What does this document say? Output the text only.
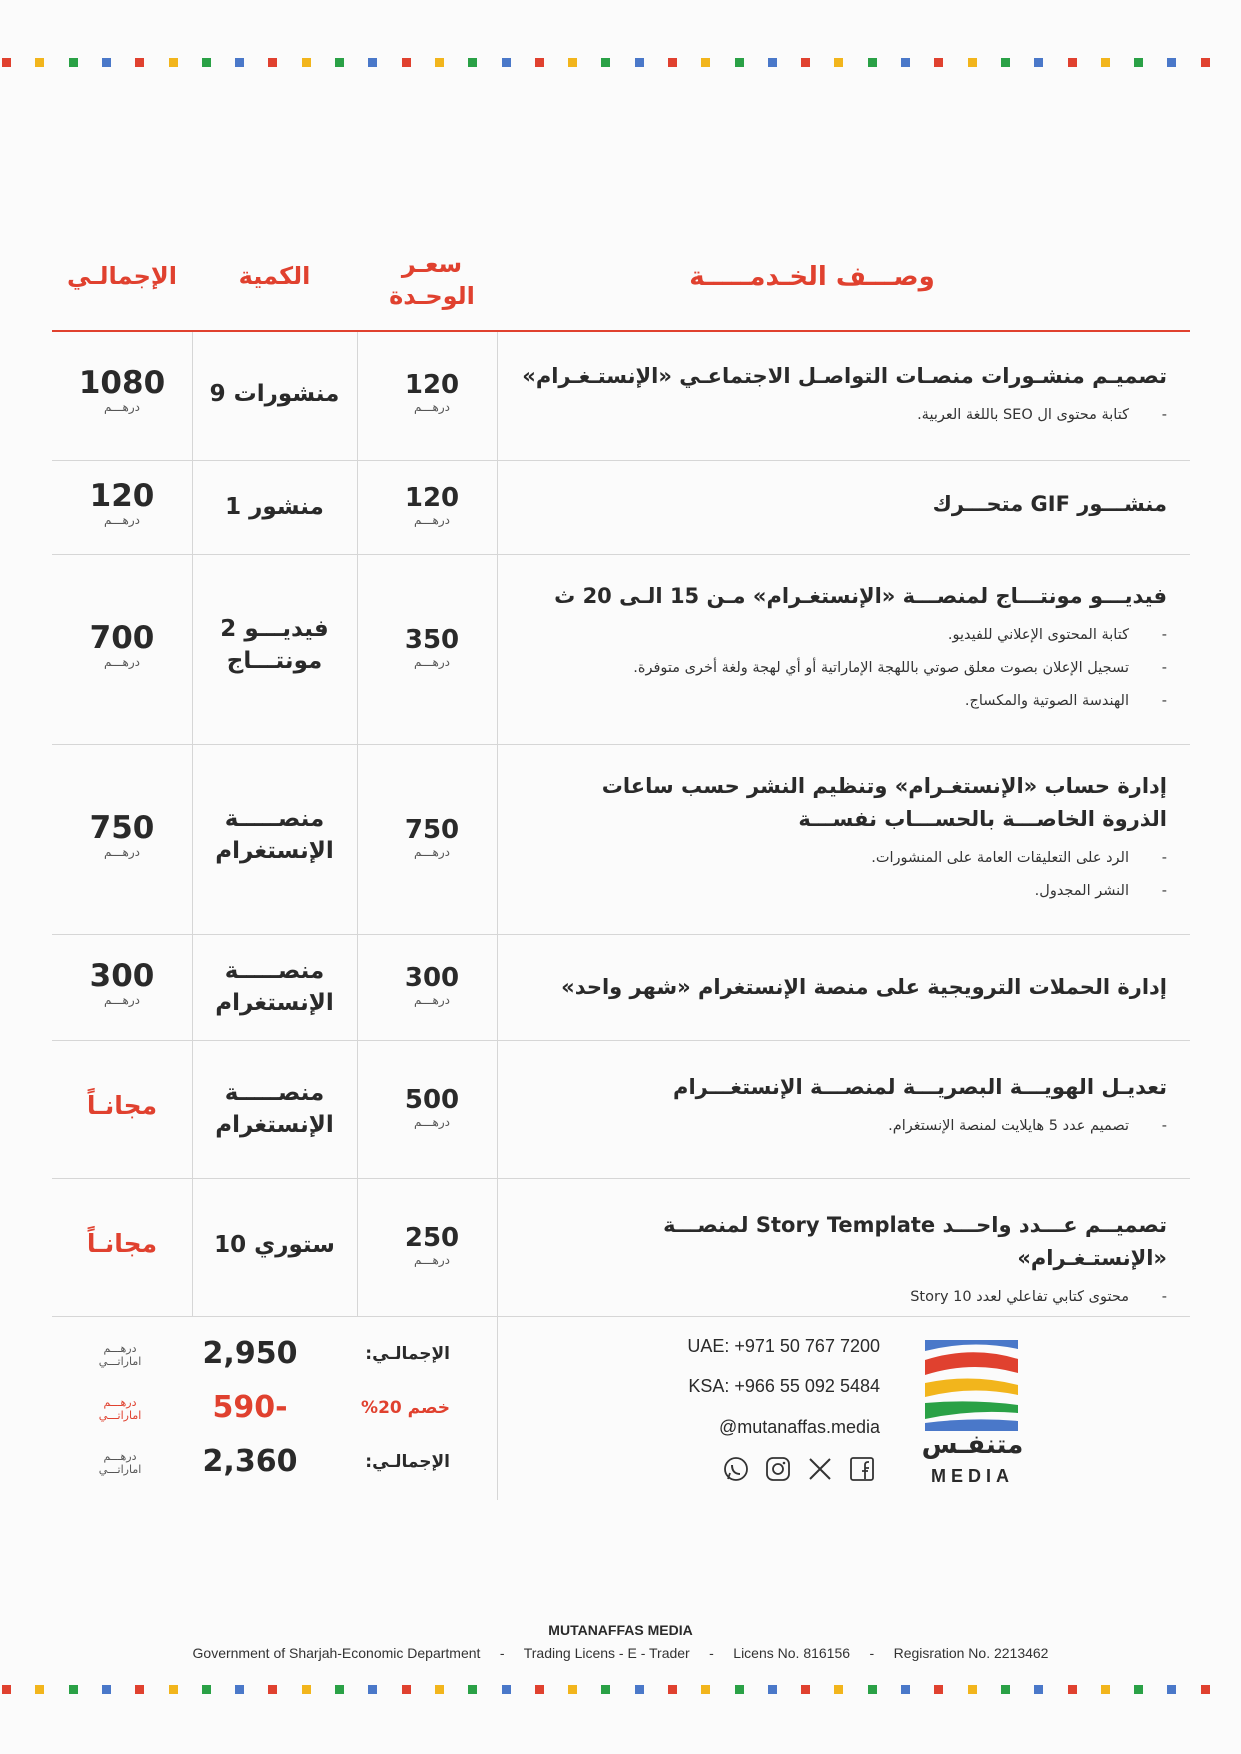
وصـــف الخـدمـــــة
سعـر الوحـدة
الكمية
الإجمالـي
تصميـم منشـورات منصـات التواصـل الاجتماعـي «الإنستـغـرام»
- كتابة محتوى ال SEO باللغة العربية.
120
درهـــم
9 منشورات
1080
درهـــم
منشـــور GIF متحـــرك
120
درهـــم
1 منشور
120
درهـــم
فيديـــو مونتـــاج لمنصـــة «الإنستغـرام» مـن 15 الـى 20 ث
- كتابة المحتوى الإعلاني للفيديو.
- تسجيل الإعلان بصوت معلق صوتي باللهجة الإماراتية أو أي لهجة ولغة أخرى متوفرة.
- الهندسة الصوتية والمكساج.
350
درهـــم
2 فيديـــو مونتـــاج
700
درهـــم
إدارة حساب «الإنستغـرام» وتنظيم النشر حسب ساعات الذروة الخاصـــة بالحســـاب نفســـة
- الرد على التعليقات العامة على المنشورات.
- النشر المجدول.
750
درهـــم
منصـــــة الإنستغرام
750
درهـــم
إدارة الحملات الترويجية على منصة الإنستغرام «شهر واحد»
300
درهـــم
منصـــــة الإنستغرام
300
درهـــم
تعديـل الهويـــة البصريـــة لمنصـــة الإنستغـــرام
- تصميم عدد 5 هايلايت لمنصة الإنستغرام.
500
درهـــم
منصـــــة الإنستغرام
مجانـاً
تصميــم عـــدد واحـــد Story Template لمنصـــة «الإنستـغـرام»
- محتوى كتابي تفاعلي لعدد 10 Story
250
درهـــم
10 ستوري
مجانـاً
الإجمالـي:
2,950
درهـــم
اماراتـــي
خصم 20%
590-
درهـــم
اماراتـــي
الإجمالـي:
2,360
درهـــم
اماراتـــي
UAE: +971 50 767 7200
KSA: +966 55 092 5484
@mutanaffas.media
متنفـس
MEDIA
MUTANAFFAS MEDIA
Government of Sharjah-Economic Department     -     Trading Licens - E - Trader     -     Licens No. 816156     -     Regisration No. 2213462
